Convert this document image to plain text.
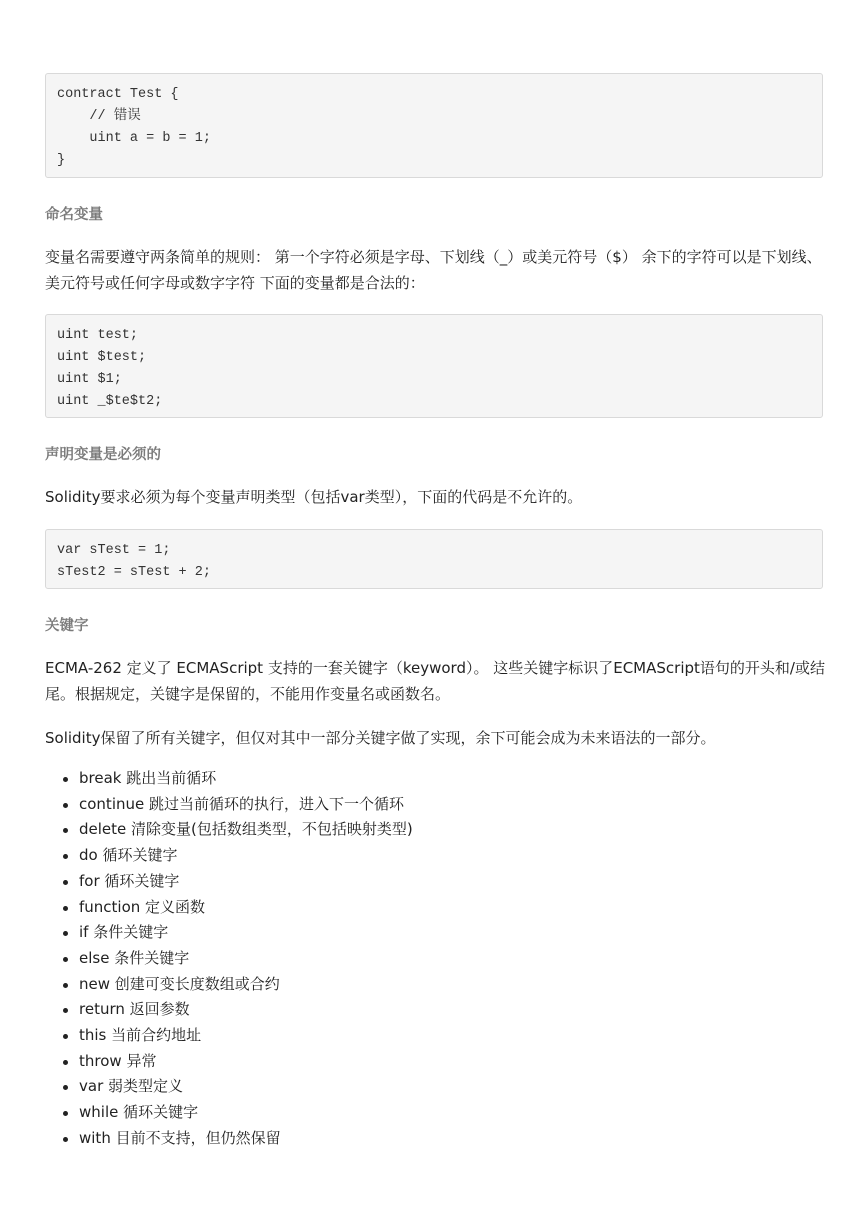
contract Test {
// 错误
uint a = b = 1;
}
命名变量
变量名需要遵守两条简单的规则： 第一个字符必须是字母、下划线（_）或美元符号（$） 余下的字符可以是下划线、美元符号或任何字母或数字字符 下面的变量都是合法的：
uint test;
uint $test;
uint $1;
uint _$te$t2;
声明变量是必须的
Solidity要求必须为每个变量声明类型（包括var类型），下面的代码是不允许的。
var sTest = 1;
sTest2 = sTest + 2;
关键字
ECMA-262 定义了 ECMAScript 支持的一套关键字（keyword）。 这些关键字标识了ECMAScript语句的开头和/或结尾。根据规定，关键字是保留的，不能用作变量名或函数名。
Solidity保留了所有关键字，但仅对其中一部分关键字做了实现，余下可能会成为未来语法的一部分。
break 跳出当前循环
continue 跳过当前循环的执行，进入下一个循环
delete 清除变量(包括数组类型，不包括映射类型)
do 循环关键字
for 循环关键字
function 定义函数
if 条件关键字
else 条件关键字
new 创建可变长度数组或合约
return 返回参数
this 当前合约地址
throw 异常
var 弱类型定义
while 循环关键字
with 目前不支持，但仍然保留
